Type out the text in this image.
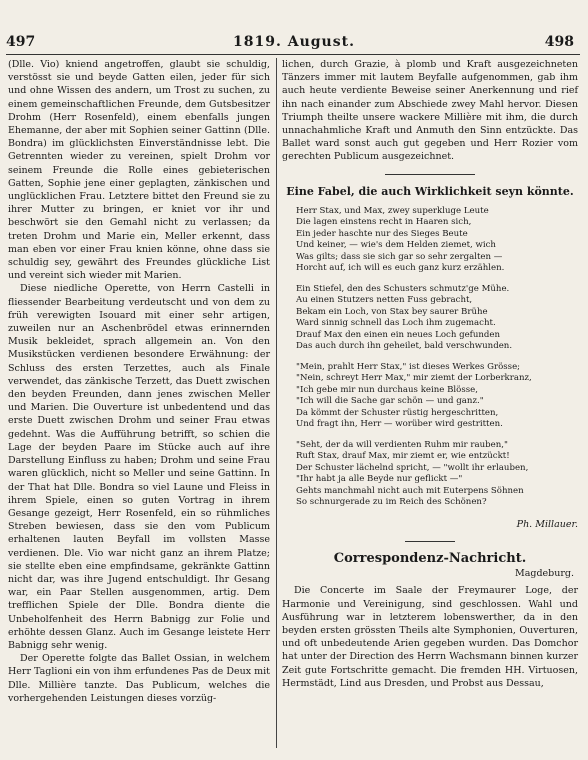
497	1819. August.	498

(Dlle. Vio) kniend angetroffen, glaubt sie schuldig, verstösst sie und beyde Gatten eilen, jeder für sich und ohne Wissen des andern, um Trost zu suchen, zu einem gemeinschaftlichen Freunde, dem Gutsbesitzer Drohm (Herr Rosenfeld), einem ebenfalls jungen Ehemanne, der aber mit Sophien seiner Gattinn (Dlle. Bondra) im glücklichsten Einverständnisse lebt. Die Getrennten wieder zu vereinen, spielt Drohm vor seinem Freunde die Rolle eines gebieterischen Gatten, Sophie jene einer geplagten, zänkischen und unglücklichen Frau. Letztere bittet den Freund sie zu ihrer Mutter zu bringen, er kniet vor ihr und beschwört sie den Gemahl nicht zu verlassen; da treten Drohm und Marie ein, Meller erkennt, dass man eben vor einer Frau knien könne, ohne dass sie schuldig sey, gewährt des Freundes glückliche List und vereint sich wieder mit Marien.

Diese niedliche Operette, von Herrn Castelli in fliessender Bearbeitung verdeutscht und von dem zu früh verewigten Isouard mit einer sehr artigen, zuweilen nur an Aschenbrödel etwas erinnernden Musik bekleidet, sprach allgemein an. Von den Musikstücken verdienen besondere Erwähnung: der Schluss des ersten Terzettes, auch als Finale verwendet, das zänkische Terzett, das Duett zwischen den beyden Freunden, dann jenes zwischen Meller und Marien. Die Ouverture ist unbedentend und das erste Duett zwischen Drohm und seiner Frau etwas gedehnt. Was die Aufführung betrifft, so schien die Lage der beyden Paare im Stücke auch auf ihre Darstellung Einfluss zu haben; Drohm und seine Frau waren glücklich, nicht so Meller und seine Gattinn. In der That hat Dlle. Bondra so viel Laune und Fleiss in ihrem Spiele, einen so guten Vortrag in ihrem Gesange gezeigt, Herr Rosenfeld, ein so rühmliches Streben bewiesen, dass sie den vom Publicum erhaltenen lauten Beyfall im vollsten Masse verdienen. Dle. Vio war nicht ganz an ihrem Platze; sie stellte eben eine empfindsame, gekränkte Gattinn nicht dar, was ihre Jugend entschuldigt. Ihr Gesang war, ein Paar Stellen ausgenommen, artig. Dem trefflichen Spiele der Dlle. Bondra diente die Unbeholfenheit des Herrn Babnigg zur Folie und erhöhte dessen Glanz. Auch im Gesange leistete Herr Babnigg sehr wenig.

Der Operette folgte das Ballet Ossian, in welchem Herr Taglioni ein von ihm erfundenes Pas de Deux mit Dlle. Millière tanzte. Das Publicum, welches die vorhergehenden Leistungen dieses vorzüg-

lichen, durch Grazie, à plomb und Kraft ausgezeichneten Tänzers immer mit lautem Beyfalle aufgenommen, gab ihm auch heute verdiente Beweise seiner Anerkennung und rief ihn nach einander zum Abschiede zwey Mahl hervor. Diesen Triumph theilte unsere wackere Millière mit ihm, die durch unnachahmliche Kraft und Anmuth den Sinn entzückte. Das Ballet ward sonst auch gut gegeben und Herr Rozier vom gerechten Publicum ausgezeichnet.

Eine Fabel, die auch Wirklichkeit seyn könnte.
Herr Stax, und Max, zwey superkluge Leute
Die lagen einstens recht in Haaren sich,
Ein jeder haschte nur des Sieges Beute
Und keiner, — wie's dem Helden ziemet, wich
Was gilts; dass sie sich gar so sehr zergalten —
Horcht auf, ich will es euch ganz kurz erzählen.
Ein Stiefel, den des Schusters schmutz'ge Mühe.
Au einen Stutzers netten Fuss gebracht,
Bekam ein Loch, von Stax bey saurer Brühe
Ward sinnig schnell das Loch ihm zugemacht.
Drauf Max den einen ein neues Loch gefunden
Das auch durch ihn geheilet, bald verschwunden.
"Mein, prahlt Herr Stax," ist dieses Werkes Grösse;
"Nein, schreyt Herr Max," mir ziemt der Lorberkranz,
"Ich gebe mir nun durchaus keine Blösse,
"Ich will die Sache gar schön — und ganz."
Da kömmt der Schuster rüstig hergeschritten,
Und fragt ihn, Herr — worüber wird gestritten.
"Seht, der da will verdienten Ruhm mir rauben,"
Ruft Stax, drauf Max, mir ziemt er, wie entzückt!
Der Schuster lächelnd spricht, — "wollt ihr erlauben,
"Ihr habt ja alle Beyde nur geflickt —"
Gehts manchmahl nicht auch mit Euterpens Söhnen
So schnurgerade zu im Reich des Schönen?
Ph. Millauer.
Correspondenz-Nachricht.
Magdeburg.

Die Concerte im Saale der Freymaurer Loge, der Harmonie und Vereinigung, sind geschlossen. Wahl und Ausführung war in letzterem lobenswerther, da in den beyden ersten grössten Theils alte Symphonien, Ouverturen, und oft unbedeutende Arien gegeben wurden. Das Domchor hat unter der Direction des Herrn Wachsmann binnen kurzer Zeit gute Fortschritte gemacht. Die fremden HH. Virtuosen, Hermstädt, Lind aus Dresden, und Probst aus Dessau,
